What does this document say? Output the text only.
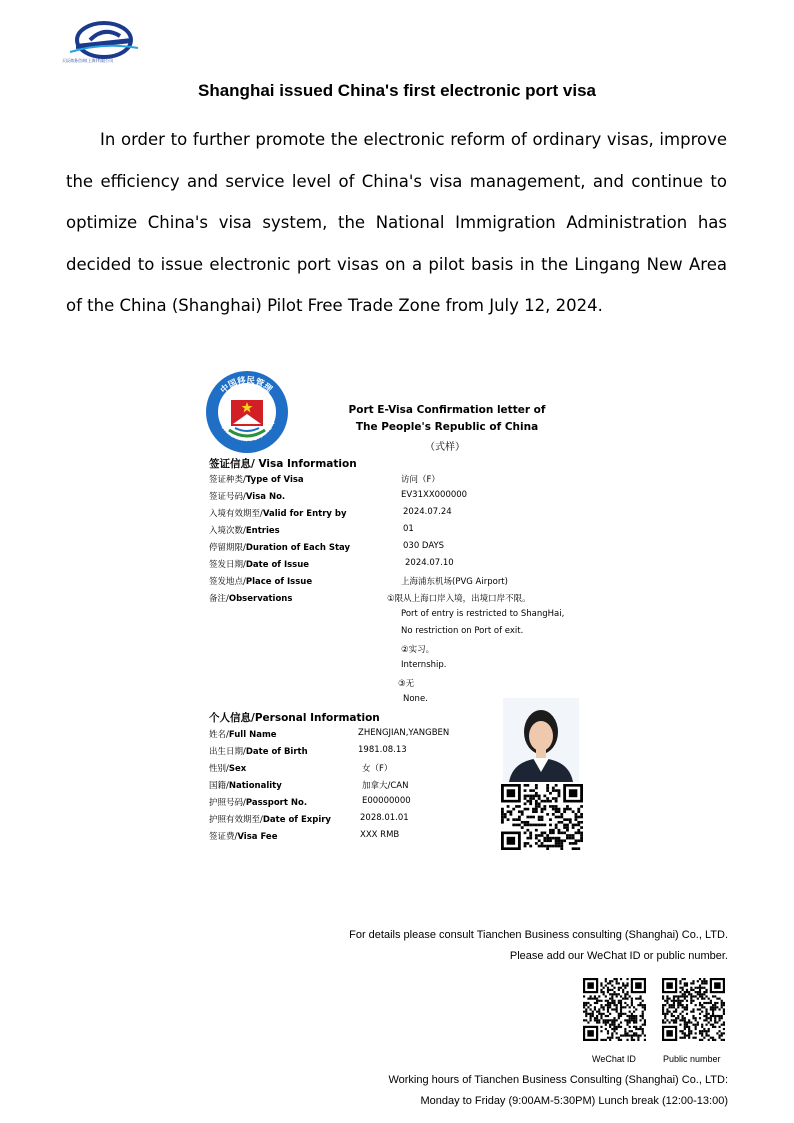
天辰商务咨询(上海)有限公司
Shanghai issued China's first electronic port visa

In order to further promote the electronic reform of ordinary visas, improve the efficiency and service level of China's visa management, and continue to optimize China's visa system, the National Immigration Administration has decided to issue electronic port visas on a pilot basis in the Lingang New Area of the China (Shanghai) Pilot Free Trade Zone from July 12, 2024.

中国移民管理
CHINA IMMIGRATION
Port E-Visa Confirmation letter of
The People's Republic of China
（式样）
签证信息/ Visa Information
签证种类/Type of Visa	访问（F）
签证号码/Visa No.	EV31XX000000
入境有效期至/Valid for Entry by	2024.07.24
入境次数/Entries	01
停留期限/Duration of Each Stay	030 DAYS
签发日期/Date of Issue	2024.07.10
签发地点/Place of Issue	上海浦东机场(PVG Airport)
备注/Observations	①限从上海口岸入境，出境口岸不限。
Port of entry is restricted to ShangHai,
No restriction on Port of exit.
②实习。
Internship.
③无
None.
个人信息/Personal Information
姓名/Full Name	ZHENGJIAN,YANGBEN
出生日期/Date of Birth	1981.08.13
性别/Sex	女（F）
国籍/Nationality	加拿大/CAN
护照号码/Passport No.	E00000000
护照有效期至/Date of Expiry	2028.01.01
签证费/Visa Fee	XXX RMB
For details please consult Tianchen Business consulting (Shanghai) Co., LTD.
Please add our WeChat ID or public number.
WeChat ID	Public number
Working hours of Tianchen Business Consulting (Shanghai) Co., LTD:
Monday to Friday (9:00AM-5:30PM) Lunch break (12:00-13:00)
